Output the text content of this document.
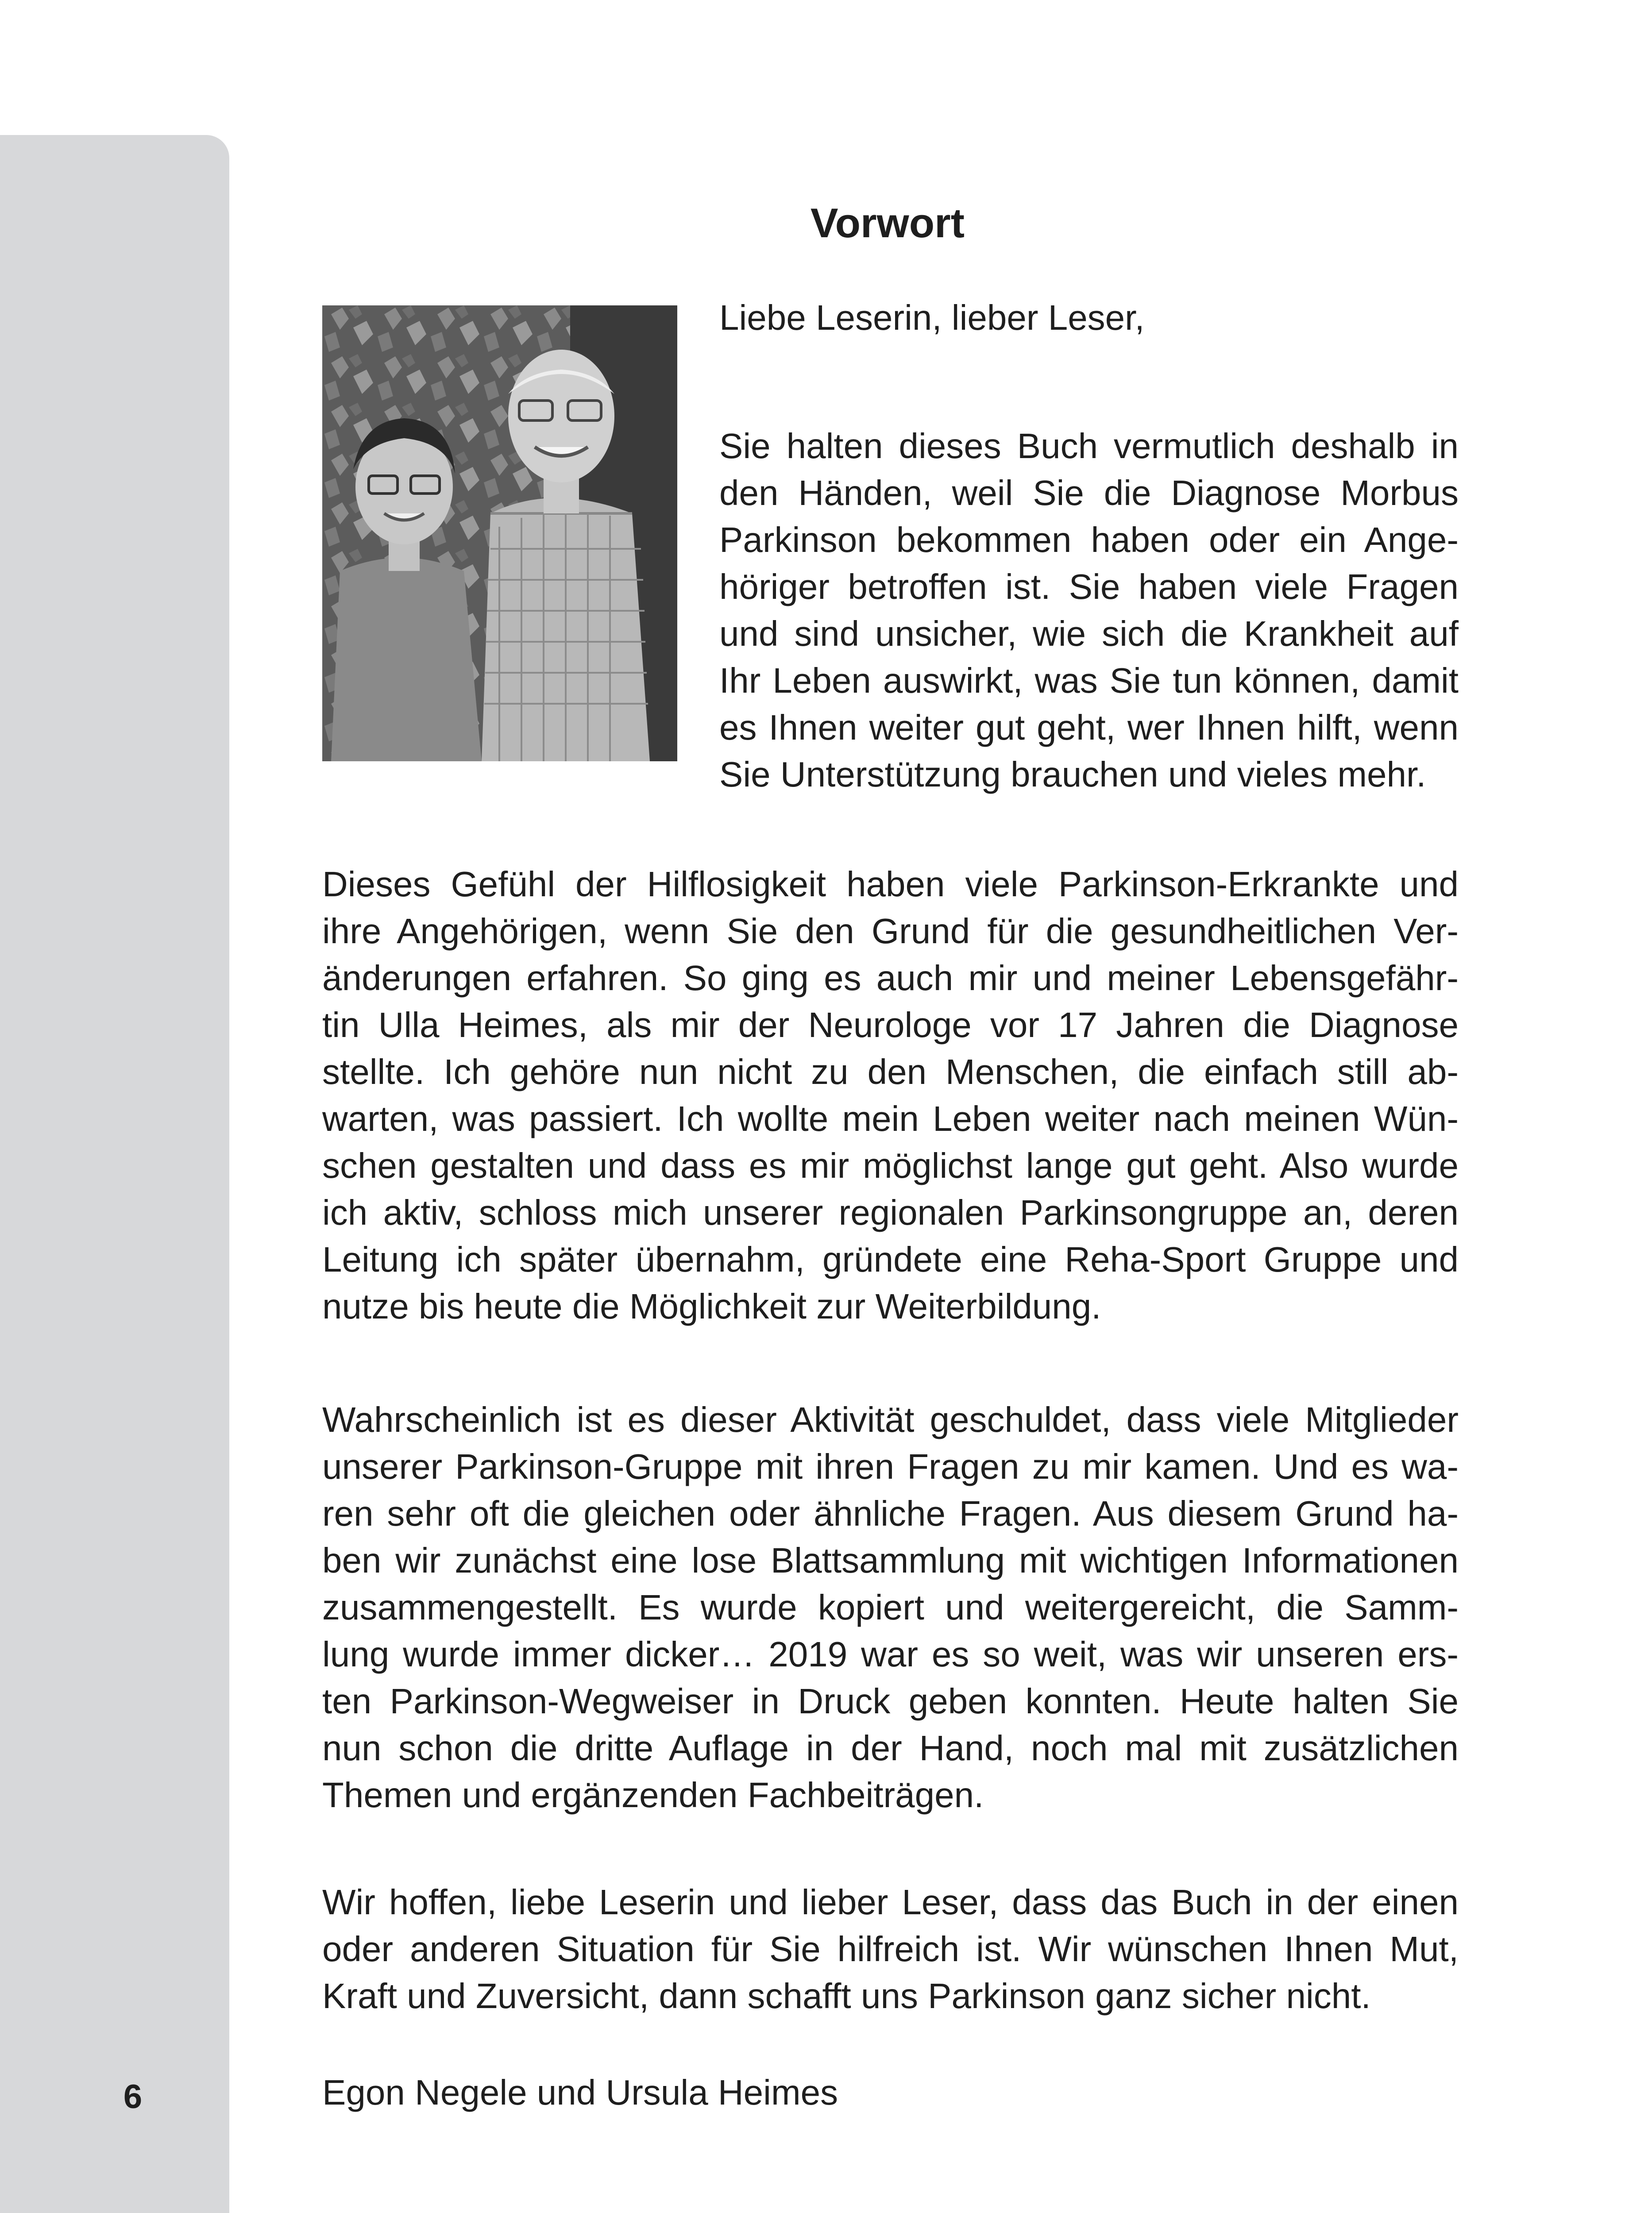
6
Vorwort

Liebe Leserin, lieber Leser,

Sie halten dieses Buch vermutlich deshalb in
den Händen, weil Sie die Diagnose Morbus
Parkinson bekommen haben oder ein Ange-
höriger betroffen ist. Sie haben viele Fragen
und sind unsicher, wie sich die Krankheit auf
Ihr Leben auswirkt, was Sie tun können, damit
es Ihnen weiter gut geht, wer Ihnen hilft, wenn
Sie Unterstützung brauchen und vieles mehr.
Dieses Gefühl der Hilflosigkeit haben viele Parkinson-Erkrankte und
ihre Angehörigen, wenn Sie den Grund für die gesundheitlichen Ver-
änderungen erfahren. So ging es auch mir und meiner Lebensgefähr-
tin Ulla Heimes, als mir der Neurologe vor 17 Jahren die Diagnose
stellte. Ich gehöre nun nicht zu den Menschen, die einfach still ab-
warten, was passiert. Ich wollte mein Leben weiter nach meinen Wün-
schen gestalten und dass es mir möglichst lange gut geht. Also wurde
ich aktiv, schloss mich unserer regionalen Parkinsongruppe an, deren
Leitung ich später übernahm, gründete eine Reha-Sport Gruppe und
nutze bis heute die Möglichkeit zur Weiterbildung.
Wahrscheinlich ist es dieser Aktivität geschuldet, dass viele Mitglieder
unserer Parkinson-Gruppe mit ihren Fragen zu mir kamen. Und es wa-
ren sehr oft die gleichen oder ähnliche Fragen. Aus diesem Grund ha-
ben wir zunächst eine lose Blattsammlung mit wichtigen Informationen
zusammengestellt. Es wurde kopiert und weitergereicht, die Samm-
lung wurde immer dicker… 2019 war es so weit, was wir unseren ers-
ten Parkinson-Wegweiser in Druck geben konnten. Heute halten Sie
nun schon die dritte Auflage in der Hand, noch mal mit zusätzlichen
Themen und ergänzenden Fachbeiträgen.
Wir hoffen, liebe Leserin und lieber Leser, dass das Buch in der einen
oder anderen Situation für Sie hilfreich ist. Wir wünschen Ihnen Mut,
Kraft und Zuversicht, dann schafft uns Parkinson ganz sicher nicht.

Egon Negele und Ursula Heimes
